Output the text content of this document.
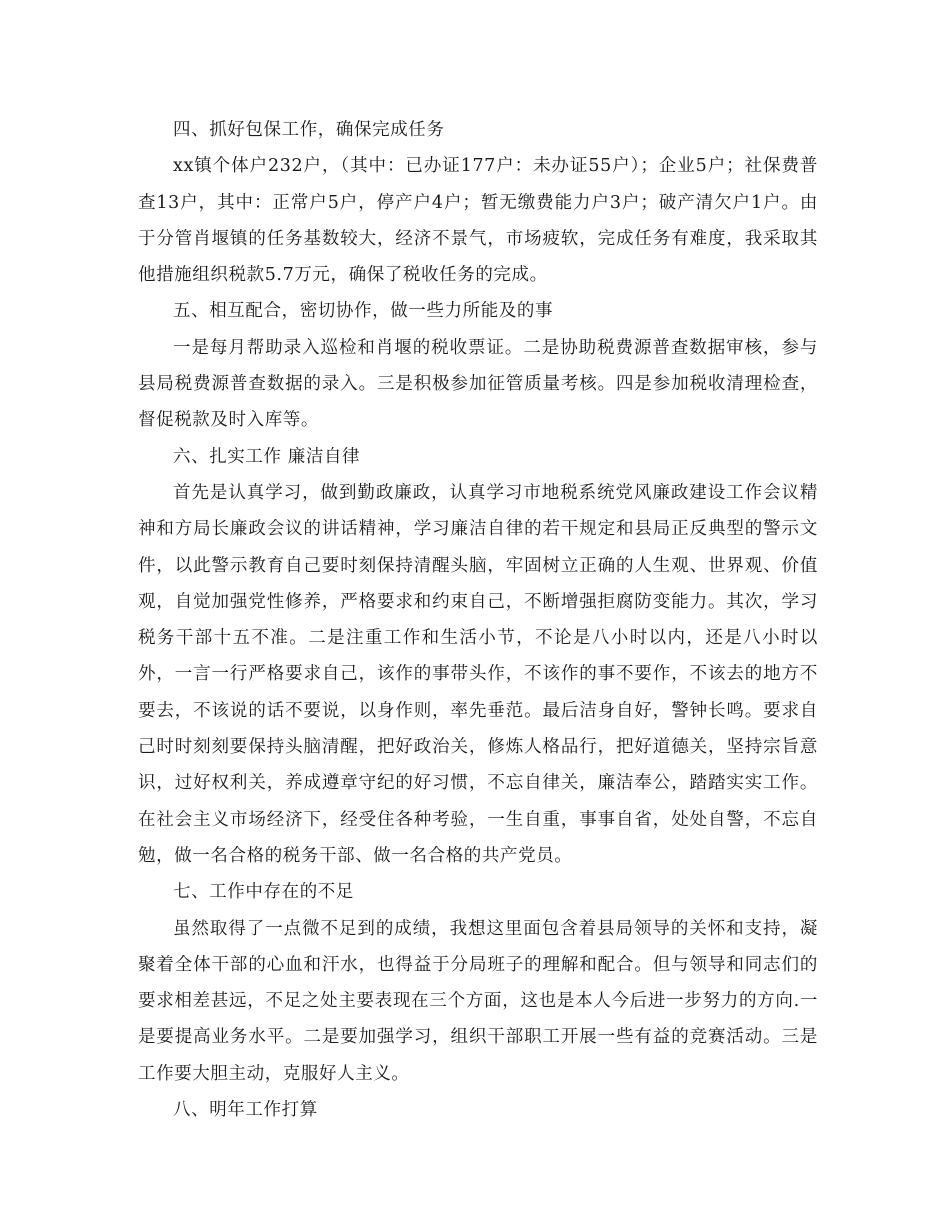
四、抓好包保工作，确保完成任务

xx镇个体户232户，（其中：已办证177户：未办证55户）；企业5户；社保费普查13户，其中：正常户5户，停产户4户；暂无缴费能力户3户；破产清欠户1户。由于分管肖堰镇的任务基数较大，经济不景气，市场疲软，完成任务有难度，我采取其他措施组织税款5.7万元，确保了税收任务的完成。

五、相互配合，密切协作，做一些力所能及的事

一是每月帮助录入巡检和肖堰的税收票证。二是协助税费源普查数据审核，参与县局税费源普查数据的录入。三是积极参加征管质量考核。四是参加税收清理检查，督促税款及时入库等。

六、扎实工作 廉洁自律

首先是认真学习，做到勤政廉政，认真学习市地税系统党风廉政建设工作会议精神和方局长廉政会议的讲话精神，学习廉洁自律的若干规定和县局正反典型的警示文件，以此警示教育自己要时刻保持清醒头脑，牢固树立正确的人生观、世界观、价值观，自觉加强党性修养，严格要求和约束自己，不断增强拒腐防变能力。其次，学习税务干部十五不准。二是注重工作和生活小节，不论是八小时以内，还是八小时以外，一言一行严格要求自己，该作的事带头作，不该作的事不要作，不该去的地方不要去，不该说的话不要说，以身作则，率先垂范。最后洁身自好，警钟长鸣。要求自己时时刻刻要保持头脑清醒，把好政治关，修炼人格品行，把好道德关，坚持宗旨意识，过好权利关，养成遵章守纪的好习惯，不忘自律关，廉洁奉公，踏踏实实工作。在社会主义市场经济下，经受住各种考验，一生自重，事事自省，处处自警，不忘自勉，做一名合格的税务干部、做一名合格的共产党员。

七、工作中存在的不足

虽然取得了一点微不足到的成绩，我想这里面包含着县局领导的关怀和支持，凝聚着全体干部的心血和汗水，也得益于分局班子的理解和配合。但与领导和同志们的要求相差甚远，不足之处主要表现在三个方面，这也是本人今后进一步努力的方向.一是要提高业务水平。二是要加强学习，组织干部职工开展一些有益的竞赛活动。三是工作要大胆主动，克服好人主义。

八、明年工作打算
